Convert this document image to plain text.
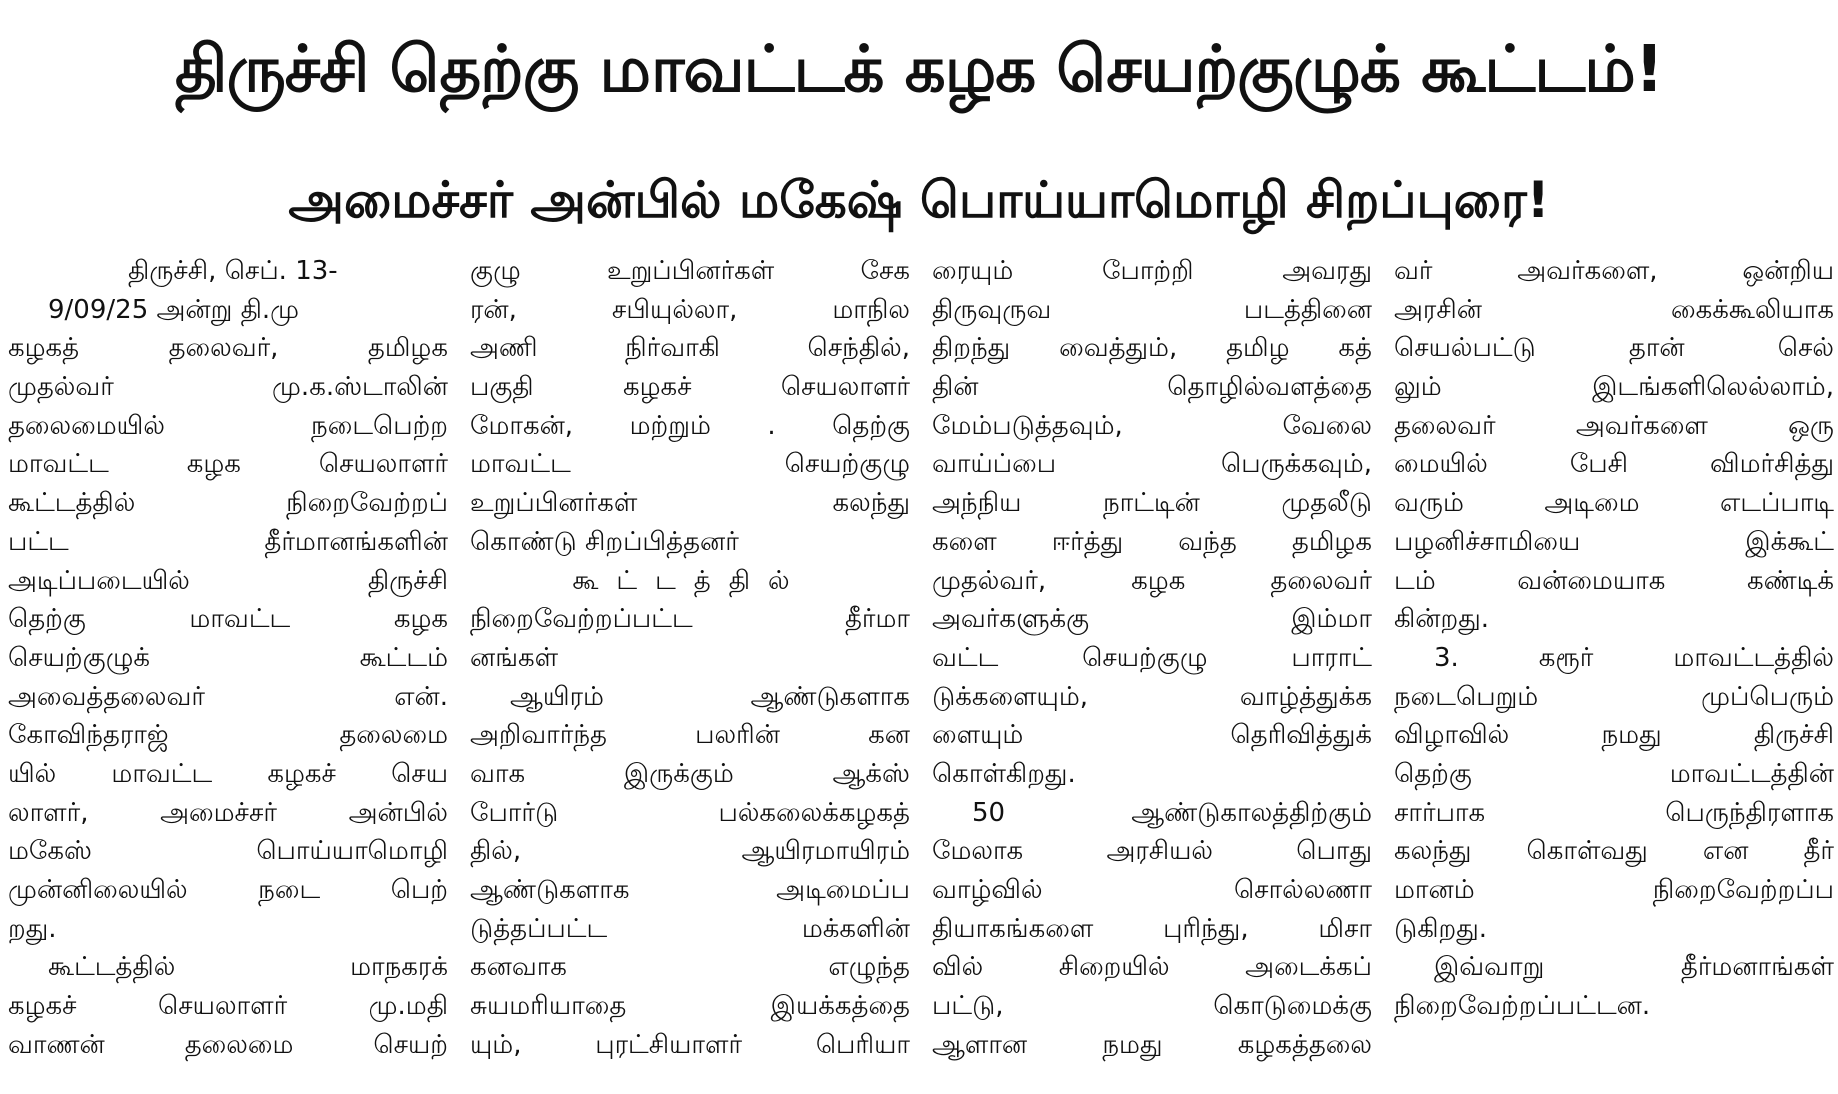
திருச்சி தெற்கு மாவட்டக் கழக செயற்குழுக் கூட்டம்!
அமைச்சர் அன்பில் மகேஷ் பொய்யாமொழி சிறப்புரை!
திருச்சி, செப். 13-
9/09/25 அன்று தி.மு
கழகத் தலைவர், தமிழக
முதல்வர் மு.க.ஸ்டாலின்
தலைமையில் நடைபெற்ற
மாவட்ட கழக செயலாளர்
கூட்டத்தில் நிறைவேற்றப்
பட்ட தீர்மானங்களின்
அடிப்படையில் திருச்சி
தெற்கு மாவட்ட கழக
செயற்குழுக் கூட்டம்
அவைத்தலைவர் என்.
கோவிந்தராஜ் தலைமை
யில் மாவட்ட கழகச் செய
லாளர், அமைச்சர் அன்பில்
மகேஸ் பொய்யாமொழி
முன்னிலையில் நடை பெற்
றது.
கூட்டத்தில் மாநகரக்
கழகச் செயலாளர் மு.மதி
வாணன் தலைமை செயற்
குழு உறுப்பினர்கள் சேக
ரன், சபியுல்லா, மாநில
அணி நிர்வாகி செந்தில்,
பகுதி கழகச் செயலாளர்
மோகன், மற்றும் . தெற்கு
மாவட்ட செயற்குழு
உறுப்பினர்கள் கலந்து
கொண்டு சிறப்பித்தனர்
கூட்டத்தில்
நிறைவேற்றப்பட்ட தீர்மா
னங்கள்
ஆயிரம் ஆண்டுகளாக
அறிவார்ந்த பலரின் கன
வாக இருக்கும் ஆக்ஸ்
போர்டு பல்கலைக்கழகத்
தில், ஆயிரமாயிரம்
ஆண்டுகளாக அடிமைப்ப
டுத்தப்பட்ட மக்களின்
கனவாக எழுந்த
சுயமரியாதை இயக்கத்தை
யும், புரட்சியாளர் பெரியா
ரையும் போற்றி அவரது
திருவுருவ படத்தினை
திறந்து வைத்தும், தமிழ கத்
தின் தொழில்வளத்தை
மேம்படுத்தவும், வேலை
வாய்ப்பை பெருக்கவும்,
அந்நிய நாட்டின் முதலீடு
களை ஈர்த்து வந்த தமிழக
முதல்வர், கழக தலைவர்
அவர்களுக்கு இம்மா
வட்ட செயற்குழு பாராட்
டுக்களையும், வாழ்த்துக்க
ளையும் தெரிவித்துக்
கொள்கிறது.
50 ஆண்டுகாலத்திற்கும்
மேலாக அரசியல் பொது
வாழ்வில் சொல்லணா
தியாகங்களை புரிந்து, மிசா
வில் சிறையில் அடைக்கப்
பட்டு, கொடுமைக்கு
ஆளான நமது கழகத்தலை
வர் அவர்களை, ஒன்றிய
அரசின் கைக்கூலியாக
செயல்பட்டு தான் செல்
லும் இடங்களிலெல்லாம்,
தலைவர் அவர்களை ஒரு
மையில் பேசி விமர்சித்து
வரும் அடிமை எடப்பாடி
பழனிச்சாமியை இக்கூட்
டம் வன்மையாக கண்டிக்
கின்றது.
3. கரூர் மாவட்டத்தில்
நடைபெறும் முப்பெரும்
விழாவில் நமது திருச்சி
தெற்கு மாவட்டத்தின்
சார்பாக பெருந்திரளாக
கலந்து கொள்வது என தீர்
மானம் நிறைவேற்றப்ப
டுகிறது.
இவ்வாறு தீர்மனாங்கள்
நிறைவேற்றப்பட்டன.
